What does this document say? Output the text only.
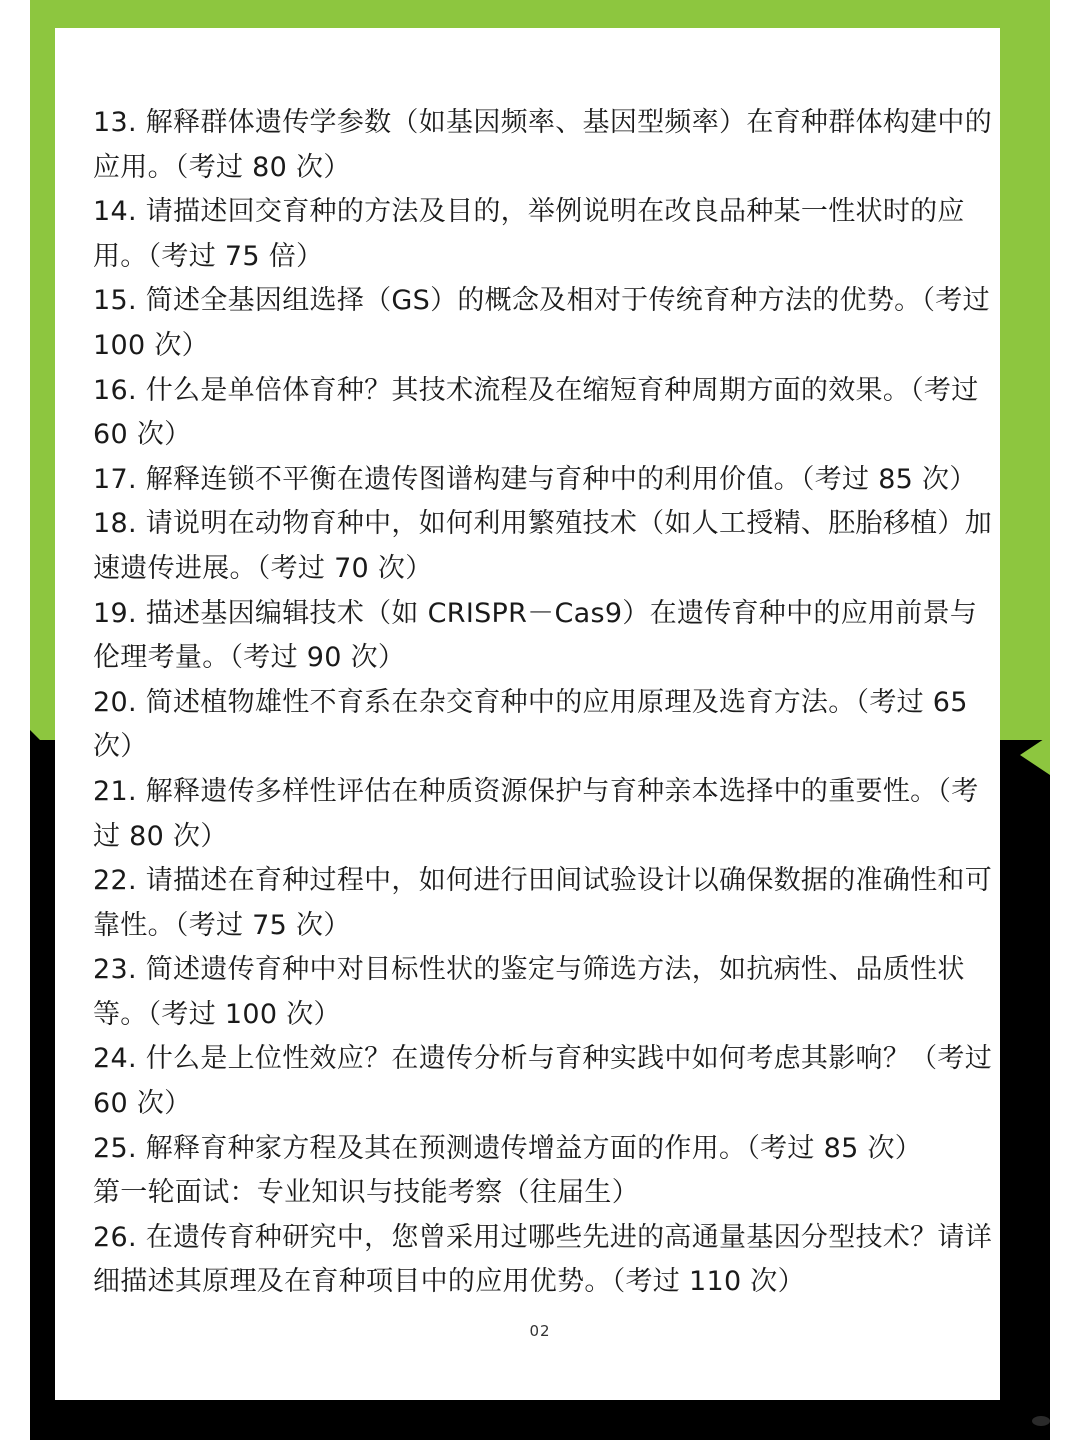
13. 解释群体遗传学参数（如基因频率、基因型频率）在育种群体构建中的应用。（考过 80 次）

14. 请描述回交育种的方法及目的，举例说明在改良品种某一性状时的应用。（考过 75 倍）

15. 简述全基因组选择（GS）的概念及相对于传统育种方法的优势。（考过 100 次）

16. 什么是单倍体育种？其技术流程及在缩短育种周期方面的效果。（考过 60 次）

17. 解释连锁不平衡在遗传图谱构建与育种中的利用价值。（考过 85 次）

18. 请说明在动物育种中，如何利用繁殖技术（如人工授精、胚胎移植）加速遗传进展。（考过 70 次）

19. 描述基因编辑技术（如 CRISPR－Cas9）在遗传育种中的应用前景与伦理考量。（考过 90 次）

20. 简述植物雄性不育系在杂交育种中的应用原理及选育方法。（考过 65 次）

21. 解释遗传多样性评估在种质资源保护与育种亲本选择中的重要性。（考过 80 次）

22. 请描述在育种过程中，如何进行田间试验设计以确保数据的准确性和可靠性。（考过 75 次）

23. 简述遗传育种中对目标性状的鉴定与筛选方法，如抗病性、品质性状等。（考过 100 次）

24. 什么是上位性效应？在遗传分析与育种实践中如何考虑其影响？（考过 60 次）

25. 解释育种家方程及其在预测遗传增益方面的作用。（考过 85 次）

第一轮面试：专业知识与技能考察（往届生）

26. 在遗传育种研究中，您曾采用过哪些先进的高通量基因分型技术？请详细描述其原理及在育种项目中的应用优势。（考过 110 次）

02
